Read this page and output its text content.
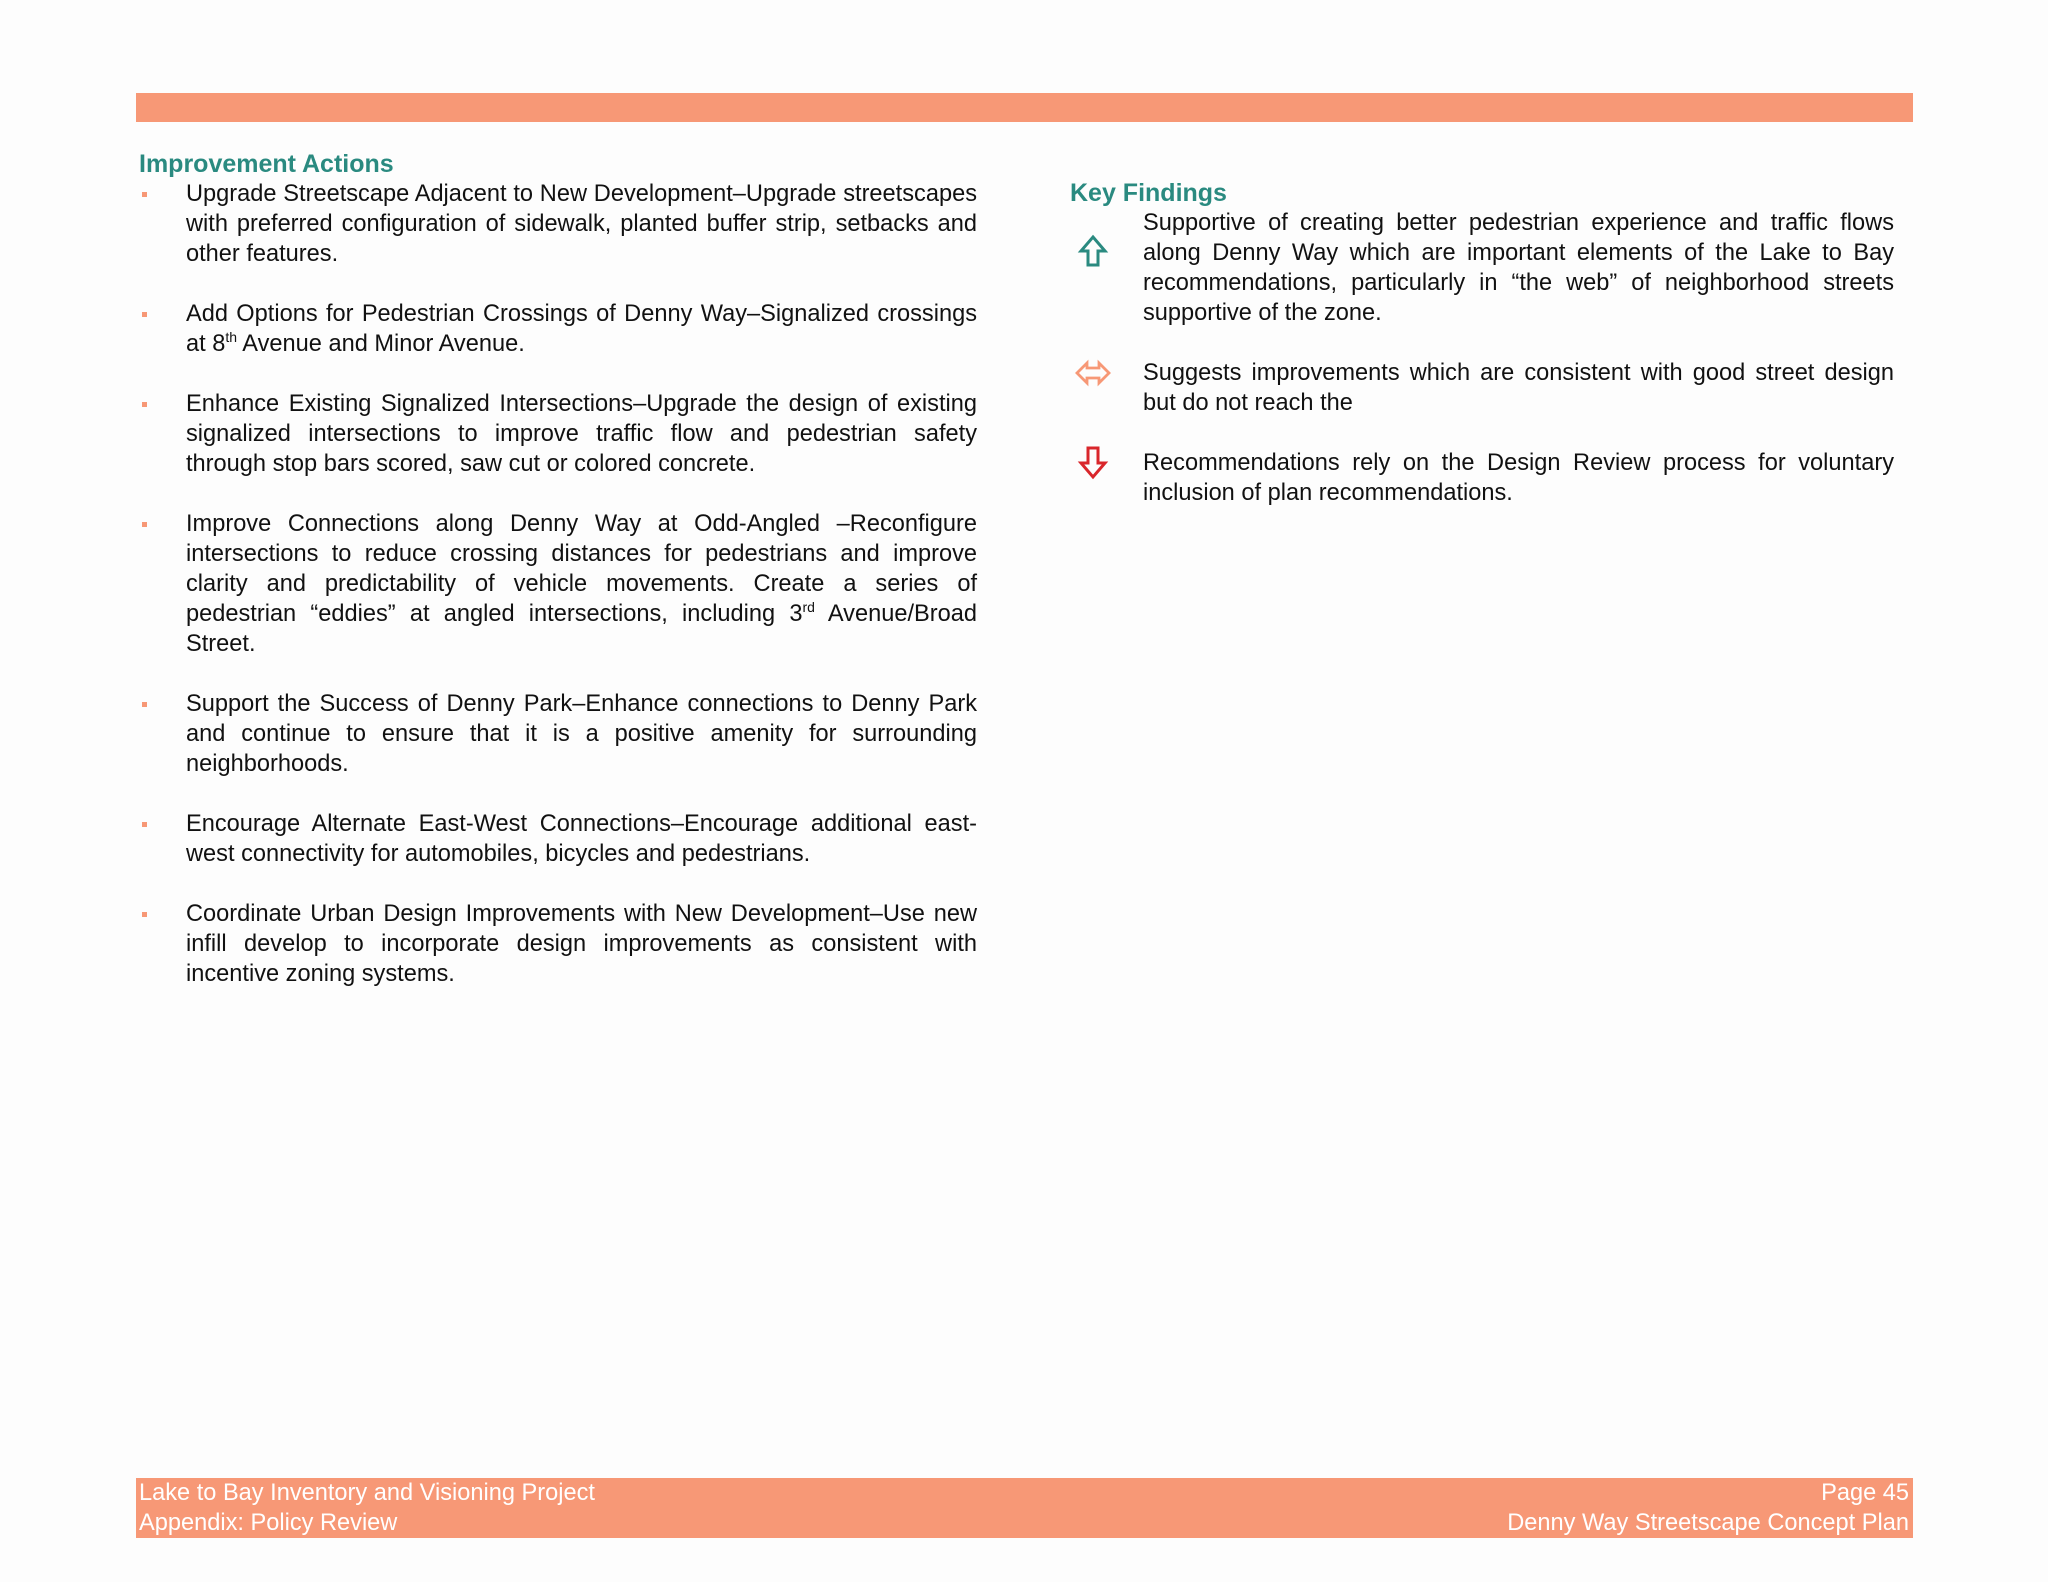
Improvement Actions
Upgrade Streetscape Adjacent to New Development–Upgrade streetscapes with preferred configuration of sidewalk, planted buffer strip, setbacks and other features.
Add Options for Pedestrian Crossings of Denny Way–Signalized crossings at 8th Avenue and Minor Avenue.
Enhance Existing Signalized Intersections–Upgrade the design of existing signalized intersections to improve traffic flow and pedestrian safety through stop bars scored, saw cut or colored concrete.
Improve Connections along Denny Way at Odd-Angled –Reconfigure intersections to reduce crossing distances for pedestrians and improve clarity and predictability of vehicle movements. Create a series of pedestrian “eddies” at angled intersections, including 3rd Avenue/Broad Street.
Support the Success of Denny Park–Enhance connections to Denny Park and continue to ensure that it is a positive amenity for surrounding neighborhoods.
Encourage Alternate East-West Connections–Encourage additional east-west connectivity for automobiles, bicycles and pedestrians.
Coordinate Urban Design Improvements with New Development–Use new infill develop to incorporate design improvements as consistent with incentive zoning systems.
Key Findings
Supportive of creating better pedestrian experience and traffic flows along Denny Way which are important elements of the Lake to Bay recommendations, particularly in “the web” of neighborhood streets supportive of the zone.
Suggests improvements which are consistent with good street design but do not reach the
Recommendations rely on the Design Review process for voluntary inclusion of plan recommendations.
Lake to Bay Inventory and Visioning Project
Appendix: Policy Review
Page 45
Denny Way Streetscape Concept Plan
